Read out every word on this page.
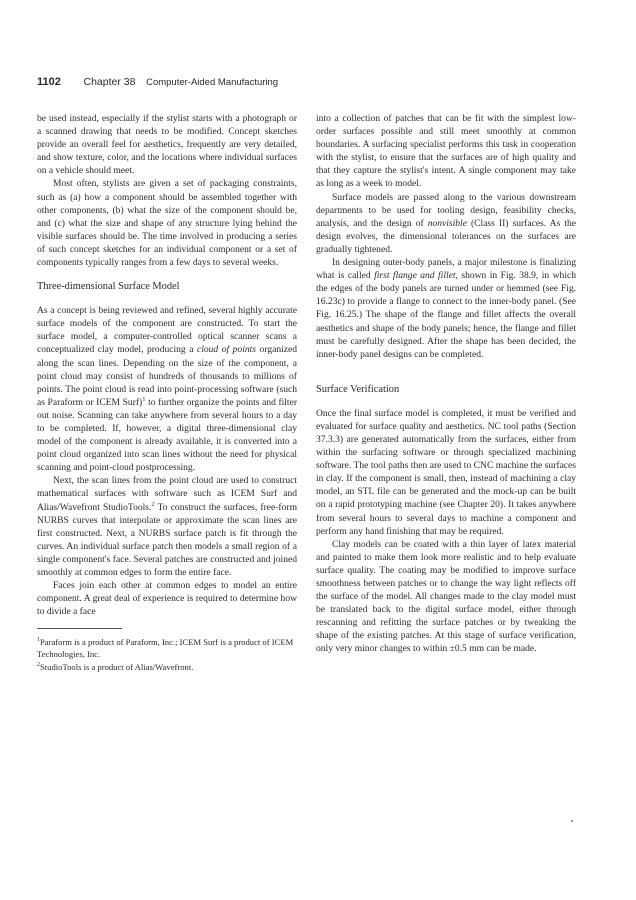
1102 Chapter 38 Computer-Aided Manufacturing

be used instead, especially if the stylist starts with a photograph or a scanned drawing that needs to be modified. Concept sketches provide an overall feel for aesthetics, frequently are very detailed, and show texture, color, and the locations where individual surfaces on a vehicle should meet.

Most often, stylists are given a set of packaging constraints, such as (a) how a component should be assembled together with other components, (b) what the size of the component should be, and (c) what the size and shape of any structure lying behind the visible surfaces should be. The time involved in producing a series of such concept sketches for an individual component or a set of components typically ranges from a few days to several weeks.

Three-dimensional Surface Model

As a concept is being reviewed and refined, several highly accurate surface models of the component are constructed. To start the surface model, a computer-controlled optical scanner scans a conceptualized clay model, producing a cloud of points organized along the scan lines. Depending on the size of the component, a point cloud may consist of hundreds of thousands to millions of points. The point cloud is read into point-processing software (such as Paraform or ICEM Surf)$^1$ to further organize the points and filter out noise. Scanning can take anywhere from several hours to a day to be completed. If, however, a digital three-dimensional clay model of the component is already available, it is converted into a point cloud organized into scan lines without the need for physical scanning and point-cloud postprocessing.

Next, the scan lines from the point cloud are used to construct mathematical surfaces with software such as ICEM Surf and Alias/Wavefront StudioTools.$^2$ To construct the surfaces, free-form NURBS curves that interpolate or approximate the scan lines are first constructed. Next, a NURBS surface patch is fit through the curves. An individual surface patch then models a small region of a single component's face. Several patches are constructed and joined smoothly at common edges to form the entire face.

Faces join each other at common edges to model an entire component. A great deal of experience is required to determine how to divide a face

$^1$Paraform is a product of Paraform, Inc.; ICEM Surf is a product of ICEM Technologies, Inc.

$^2$StudioTools is a product of Alias/Wavefront.

into a collection of patches that can be fit with the simplest low-order surfaces possible and still meet smoothly at common boundaries. A surfacing specialist performs this task in cooperation with the stylist, to ensure that the surfaces are of high quality and that they capture the stylist's intent. A single component may take as long as a week to model.

Surface models are passed along to the various downstream departments to be used for tooling design, feasibility checks, analysis, and the design of nonvisible (Class II) surfaces. As the design evolves, the dimensional tolerances on the surfaces are gradually tightened.

In designing outer-body panels, a major milestone is finalizing what is called first flange and fillet, shown in Fig. 38.9, in which the edges of the body panels are turned under or hemmed (see Fig. 16.23c) to provide a flange to connect to the inner-body panel. (See Fig. 16.25.) The shape of the flange and fillet affects the overall aesthetics and shape of the body panels; hence, the flange and fillet must be carefully designed. After the shape has been decided, the inner-body panel designs can be completed.

Surface Verification

Once the final surface model is completed, it must be verified and evaluated for surface quality and aesthetics. NC tool paths (Section 37.3.3) are generated automatically from the surfaces, either from within the surfacing software or through specialized machining software. The tool paths then are used to CNC machine the surfaces in clay. If the component is small, then, instead of machining a clay model, an STL file can be generated and the mock-up can be built on a rapid prototyping machine (see Chapter 20). It takes anywhere from several hours to several days to machine a component and perform any hand finishing that may be required.

Clay models can be coated with a thin layer of latex material and painted to make them look more realistic and to help evaluate surface quality. The coating may be modified to improve surface smoothness between patches or to change the way light reflects off the surface of the model. All changes made to the clay model must be translated back to the digital surface model, either through rescanning and refitting the surface patches or by tweaking the shape of the existing patches. At this stage of surface verification, only very minor changes to within ±0.5 mm can be made.
